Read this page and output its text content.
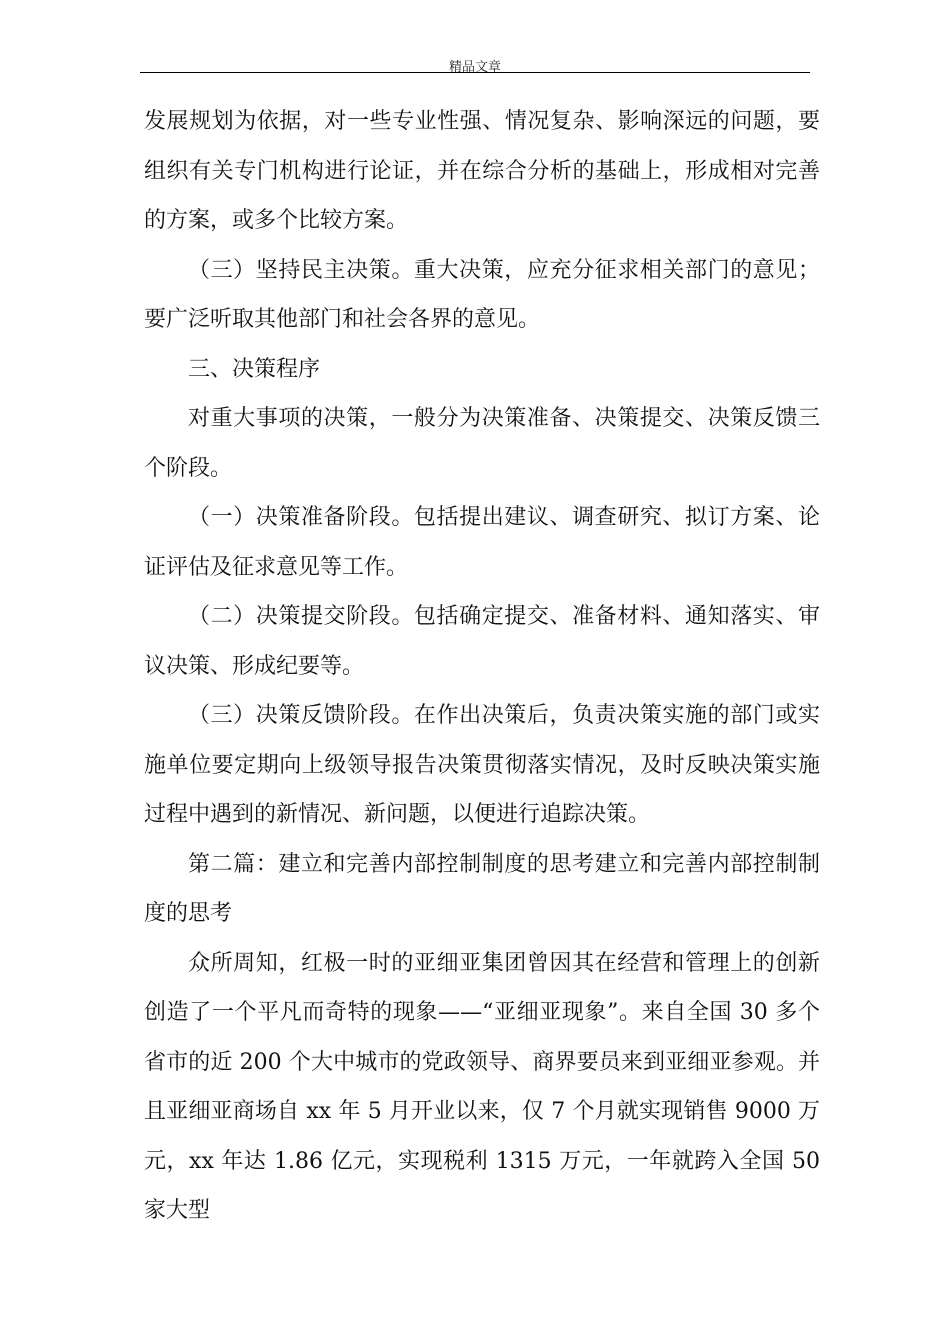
精品文章

发展规划为依据，对一些专业性强、情况复杂、影响深远的问题，要组织有关专门机构进行论证，并在综合分析的基础上，形成相对完善的方案，或多个比较方案。

（三）坚持民主决策。重大决策，应充分征求相关部门的意见；要广泛听取其他部门和社会各界的意见。

三、决策程序

对重大事项的决策，一般分为决策准备、决策提交、决策反馈三个阶段。

（一）决策准备阶段。包括提出建议、调查研究、拟订方案、论证评估及征求意见等工作。

（二）决策提交阶段。包括确定提交、准备材料、通知落实、审议决策、形成纪要等。

（三）决策反馈阶段。在作出决策后，负责决策实施的部门或实施单位要定期向上级领导报告决策贯彻落实情况，及时反映决策实施过程中遇到的新情况、新问题，以便进行追踪决策。

第二篇：建立和完善内部控制制度的思考建立和完善内部控制制度的思考

众所周知，红极一时的亚细亚集团曾因其在经营和管理上的创新创造了一个平凡而奇特的现象——“亚细亚现象”。来自全国 30 多个省市的近 200 个大中城市的党政领导、商界要员来到亚细亚参观。并且亚细亚商场自 xx 年 5 月开业以来，仅 7 个月就实现销售 9000 万元，xx 年达 1.86 亿元，实现税利 1315 万元，一年就跨入全国 50 家大型
